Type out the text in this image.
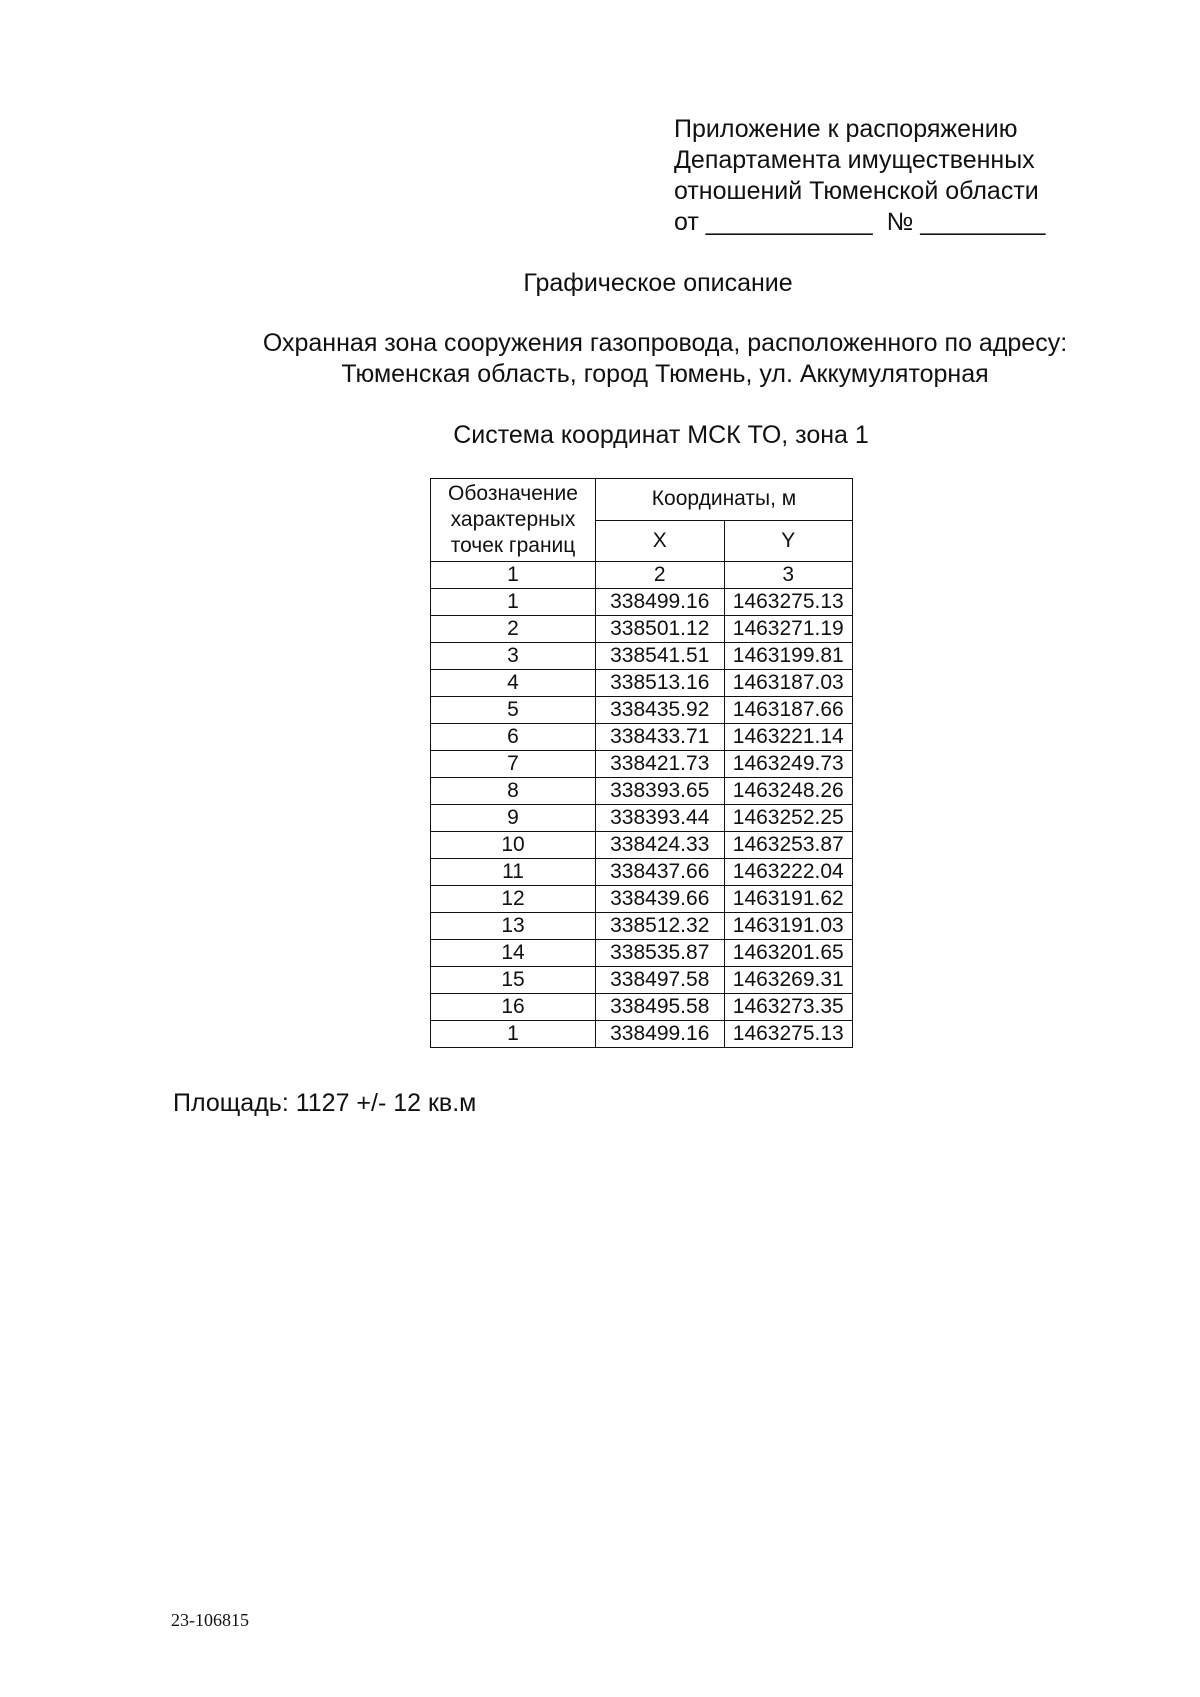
Приложение к распоряжению
Департамента имущественных
отношений Тюменской области
от ____________  № _________
Графическое описание
Охранная зона сооружения газопровода, расположенного по адресу:
Тюменская область, город Тюмень, ул. Аккумуляторная
Система координат МСК ТО, зона 1
Обозначение
характерных
точек границ	Координаты, м	
	X	Y
1	2	3
1	338499.16	1463275.13
2	338501.12	1463271.19
3	338541.51	1463199.81
4	338513.16	1463187.03
5	338435.92	1463187.66
6	338433.71	1463221.14
7	338421.73	1463249.73
8	338393.65	1463248.26
9	338393.44	1463252.25
10	338424.33	1463253.87
11	338437.66	1463222.04
12	338439.66	1463191.62
13	338512.32	1463191.03
14	338535.87	1463201.65
15	338497.58	1463269.31
16	338495.58	1463273.35
1	338499.16	1463275.13
Площадь: 1127 +/- 12 кв.м
23-106815
